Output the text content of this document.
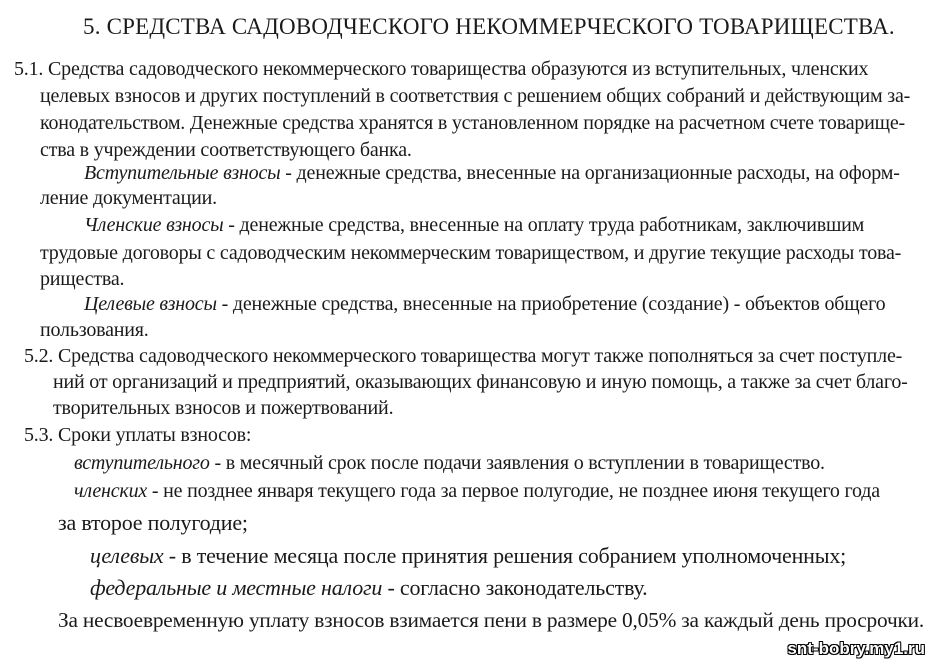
5. СРЕДСТВА САДОВОДЧЕСКОГО НЕКОММЕРЧЕСКОГО ТОВАРИЩЕСТВА.
5.1. Средства садоводческого некоммерческого товарищества образуются из вступительных, членских
целевых взносов и других поступлений в соответствия с решением общих собраний и действующим за-
конодательством. Денежные средства хранятся в установленном порядке на расчетном счете товарище-
ства в учреждении соответствующего банка.
Вступительные взносы - денежные средства, внесенные на организационные расходы, на оформ-
ление документации.
Членские взносы - денежные средства, внесенные на оплату труда работникам, заключившим
трудовые договоры с садоводческим некоммерческим товариществом, и другие текущие расходы това-
рищества.
Целевые взносы - денежные средства, внесенные на приобретение (создание) - объектов общего
пользования.
5.2. Средства садоводческого некоммерческого товарищества могут также пополняться за счет поступле-
ний от организаций и предприятий, оказывающих финансовую и иную помощь, а также за счет благо-
творительных взносов и пожертвований.
5.3. Сроки уплаты взносов:
вступительного - в месячный срок после подачи заявления о вступлении в товарищество.
членских - не позднее января текущего года за первое полугодие, не позднее июня текущего года
за второе полугодие;
целевых - в течение месяца после принятия решения собранием уполномоченных;
федеральные и местные налоги - согласно законодательству.
За несвоевременную уплату взносов взимается пени в размере 0,05% за каждый день просрочки.
snt-bobry.my1.ru
